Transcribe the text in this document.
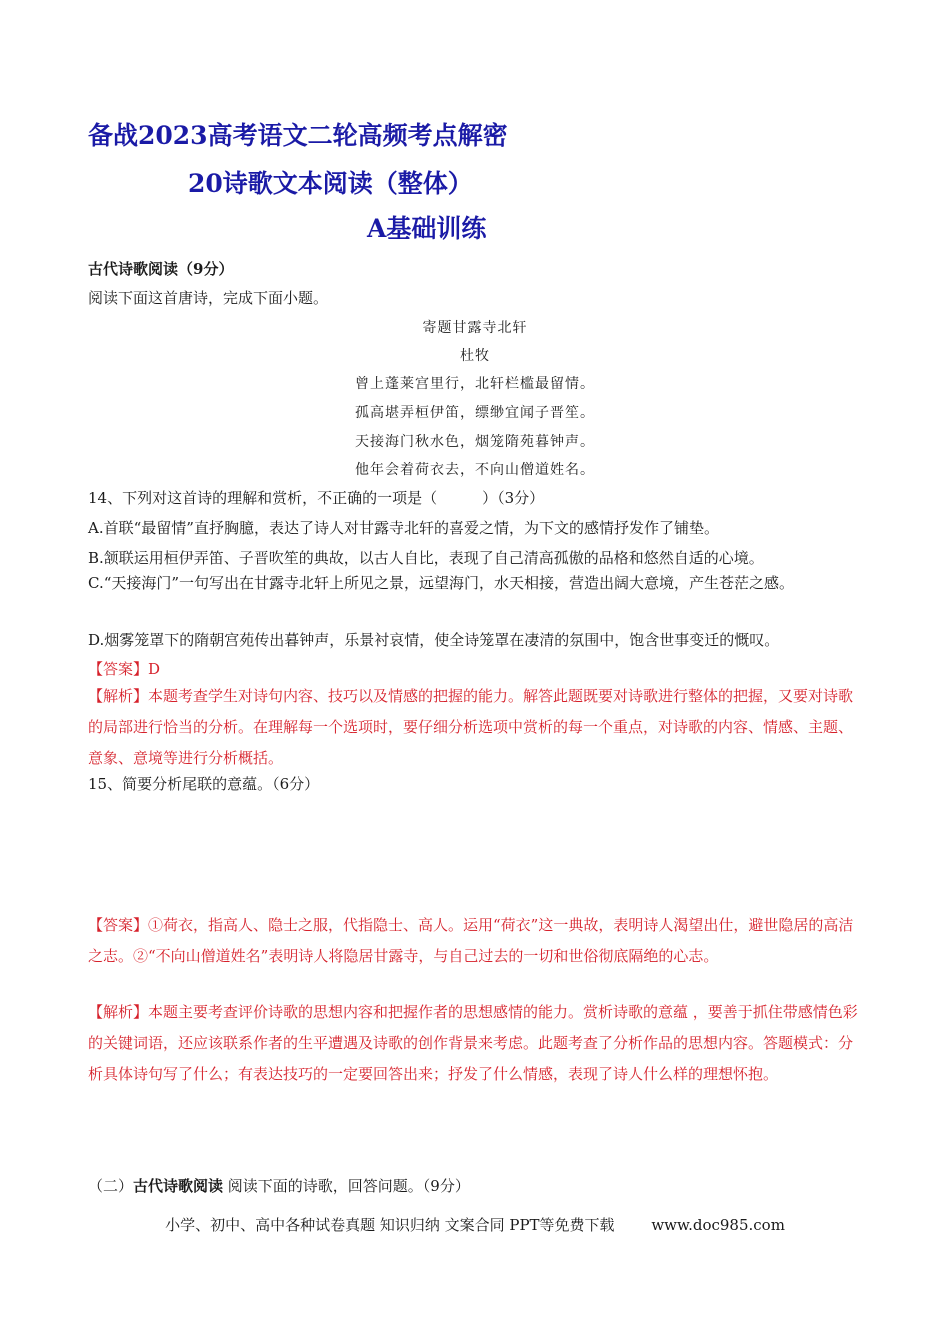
备战2023高考语文二轮高频考点解密
20诗歌文本阅读（整体）
A基础训练
古代诗歌阅读（9分）
阅读下面这首唐诗，完成下面小题。
寄题甘露寺北轩
杜牧
曾上蓬莱宫里行，北轩栏槛最留情。
孤高堪弄桓伊笛，缥缈宜闻子晋笙。
天接海门秋水色，烟笼隋苑暮钟声。
他年会着荷衣去，不向山僧道姓名。
14、下列对这首诗的理解和赏析，不正确的一项是（　　　）（3分）
A.首联“最留情”直抒胸臆，表达了诗人对甘露寺北轩的喜爱之情，为下文的感情抒发作了铺垫。
B.颔联运用桓伊弄笛、子晋吹笙的典故，以古人自比，表现了自己清高孤傲的品格和悠然自适的心境。
C.“天接海门”一句写出在甘露寺北轩上所见之景，远望海门，水天相接，营造出阔大意境，产生苍茫之感。
D.烟雾笼罩下的隋朝宫苑传出暮钟声，乐景衬哀情，使全诗笼罩在凄清的氛围中，饱含世事变迁的慨叹。
【答案】D
【解析】本题考查学生对诗句内容、技巧以及情感的把握的能力。解答此题既要对诗歌进行整体的把握，又要对诗歌的局部进行恰当的分析。在理解每一个选项时，要仔细分析选项中赏析的每一个重点，对诗歌的内容、情感、主题、意象、意境等进行分析概括。
15、简要分析尾联的意蕴。（6分）
【答案】①荷衣，指高人、隐士之服，代指隐士、高人。运用“荷衣”这一典故，表明诗人渴望出仕，避世隐居的高洁之志。②“不向山僧道姓名”表明诗人将隐居甘露寺，与自己过去的一切和世俗彻底隔绝的心志。
【解析】本题主要考查评价诗歌的思想内容和把握作者的思想感情的能力。赏析诗歌的意蕴 ，要善于抓住带感情色彩的关键词语，还应该联系作者的生平遭遇及诗歌的创作背景来考虑。此题考查了分析作品的思想内容。答题模式：分析具体诗句写了什么；有表达技巧的一定要回答出来；抒发了什么情感，表现了诗人什么样的理想怀抱。
（二）古代诗歌阅读 阅读下面的诗歌，回答问题。（9分）
小学、初中、高中各种试卷真题 知识归纳 文案合同 PPT等免费下载 www.doc985.com
